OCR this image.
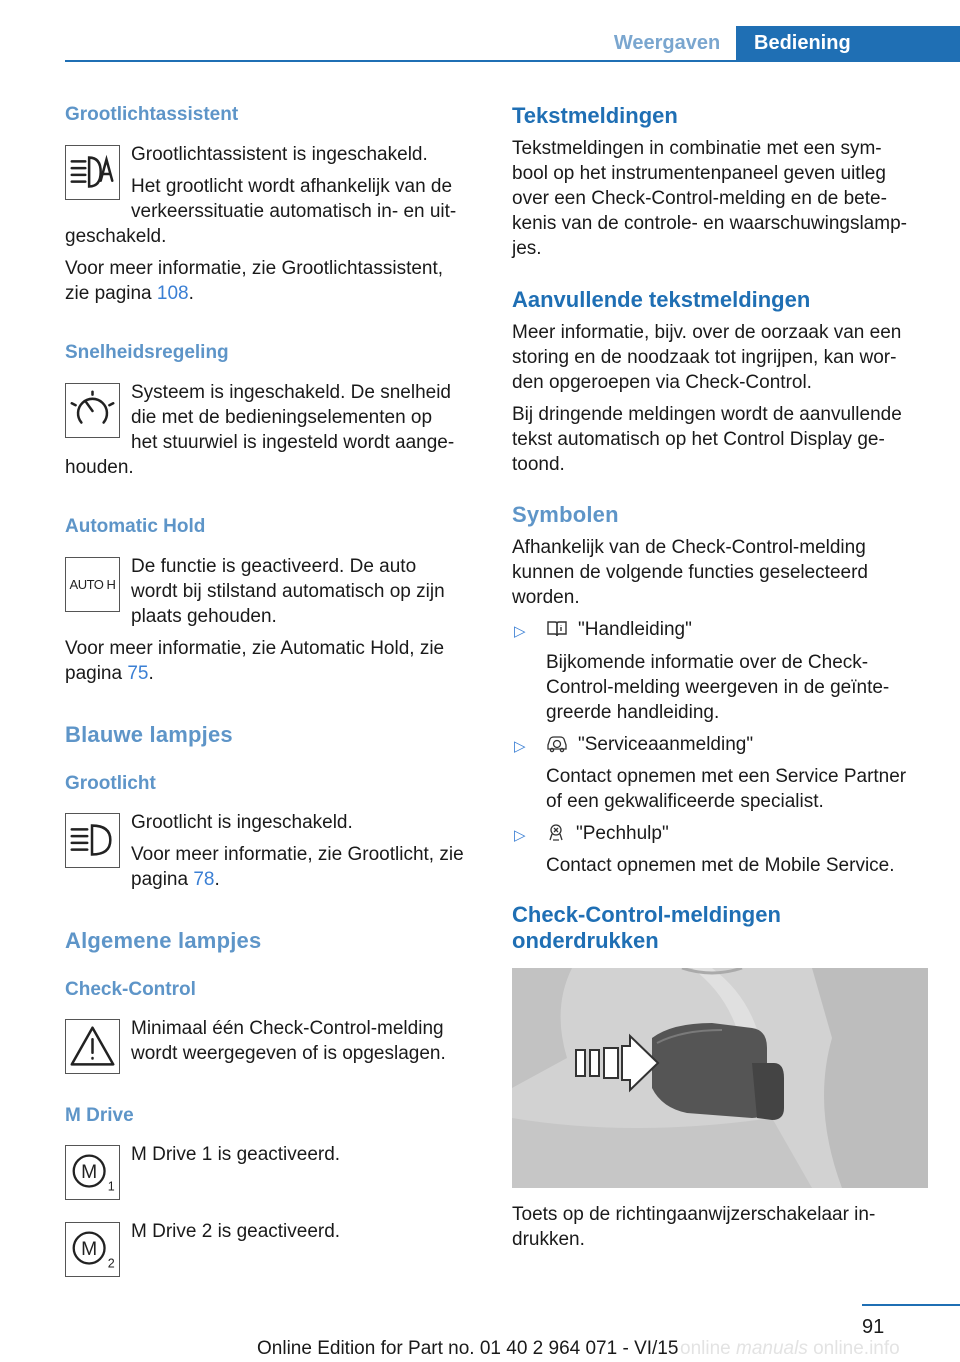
Weergaven	Bediening
Grootlichtassistent
Grootlichtassistent is ingeschakeld.
Het grootlicht wordt afhankelijk van de
verkeerssituatie automatisch in- en uit-
geschakeld.
Voor meer informatie, zie Grootlichtassistent,
zie pagina 108.
Snelheidsregeling
Systeem is ingeschakeld. De snelheid
die met de bedieningselementen op
het stuurwiel is ingesteld wordt aange-
houden.
Automatic Hold
AUTO H
De functie is geactiveerd. De auto
wordt bij stilstand automatisch op zijn
plaats gehouden.
Voor meer informatie, zie Automatic Hold, zie
pagina 75.
Blauwe lampjes
Grootlicht
Grootlicht is ingeschakeld.
Voor meer informatie, zie Grootlicht, zie
pagina 78.
Algemene lampjes
Check-Control
Minimaal één Check-Control-melding
wordt weergegeven of is opgeslagen.
M Drive
M
1
M Drive 1 is geactiveerd.
M
2
M Drive 2 is geactiveerd.
Tekstmeldingen
Tekstmeldingen in combinatie met een sym-
bool op het instrumentenpaneel geven uitleg
over een Check-Control-melding en de bete-
kenis van de controle- en waarschuwingslamp-
jes.
Aanvullende tekstmeldingen
Meer informatie, bijv. over de oorzaak van een
storing en de noodzaak tot ingrijpen, kan wor-
den opgeroepen via Check-Control.
Bij dringende meldingen wordt de aanvullende
tekst automatisch op het Control Display ge-
toond.
Symbolen
Afhankelijk van de Check-Control-melding
kunnen de volgende functies geselecteerd
worden.
▷	"Handleiding"
Bijkomende informatie over de Check-
Control-melding weergeven in de geïnte-
greerde handleiding.
▷	"Serviceaanmelding"
Contact opnemen met een Service Partner
of een gekwalificeerde specialist.
▷	"Pechhulp"
Contact opnemen met de Mobile Service.
Check-Control-meldingen
onderdrukken
Toets op de richtingaanwijzerschakelaar in-
drukken.
91
Online Edition for Part no. 01 40 2 964 071 - VI/15 online manuals online.info
